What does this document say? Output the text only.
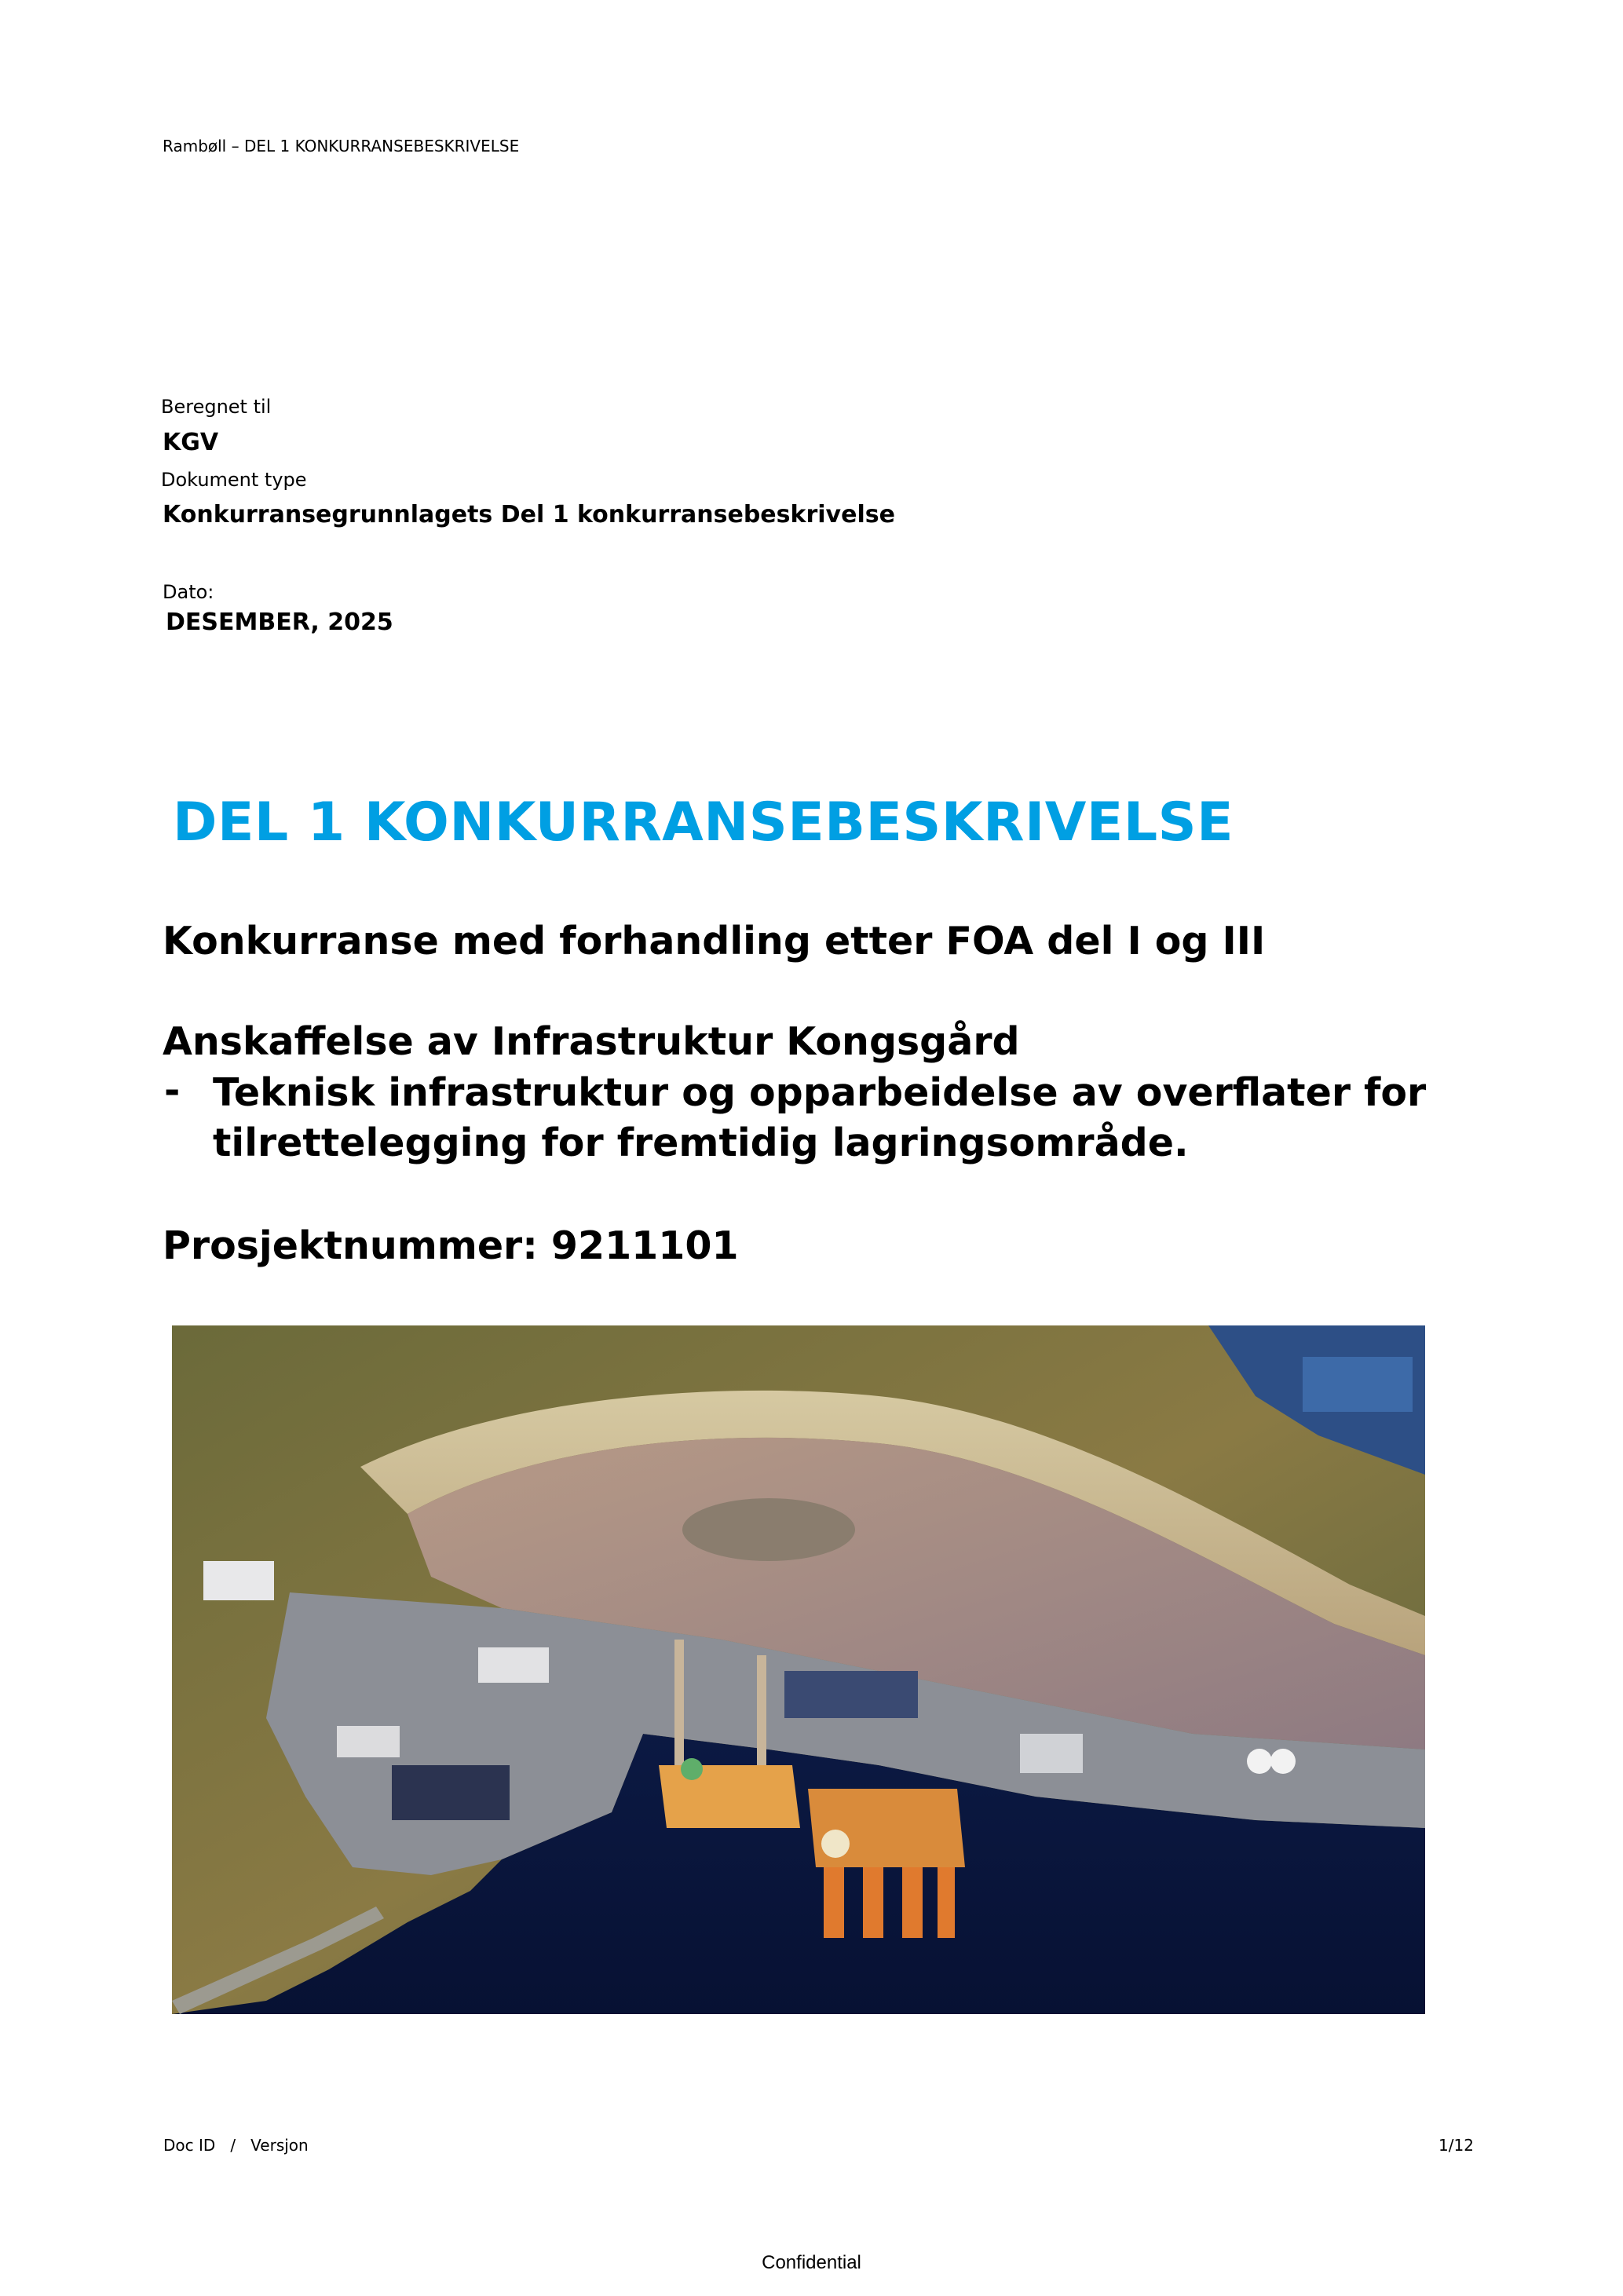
Rambøll – DEL 1 KONKURRANSEBESKRIVELSE
Beregnet til
KGV
Dokument type
Konkurransegrunnlagets Del 1 konkurransebeskrivelse
Dato:
DESEMBER, 2025
DEL 1 KONKURRANSEBESKRIVELSE
Konkurranse med forhandling etter FOA del I og III
Anskaffelse av Infrastruktur Kongsgård
- Teknisk infrastruktur og opparbeidelse av overflater for tilrettelegging for fremtidig lagringsområde.
Prosjektnummer: 9211101
Doc ID   /   Versjon	1/12
Confidential
